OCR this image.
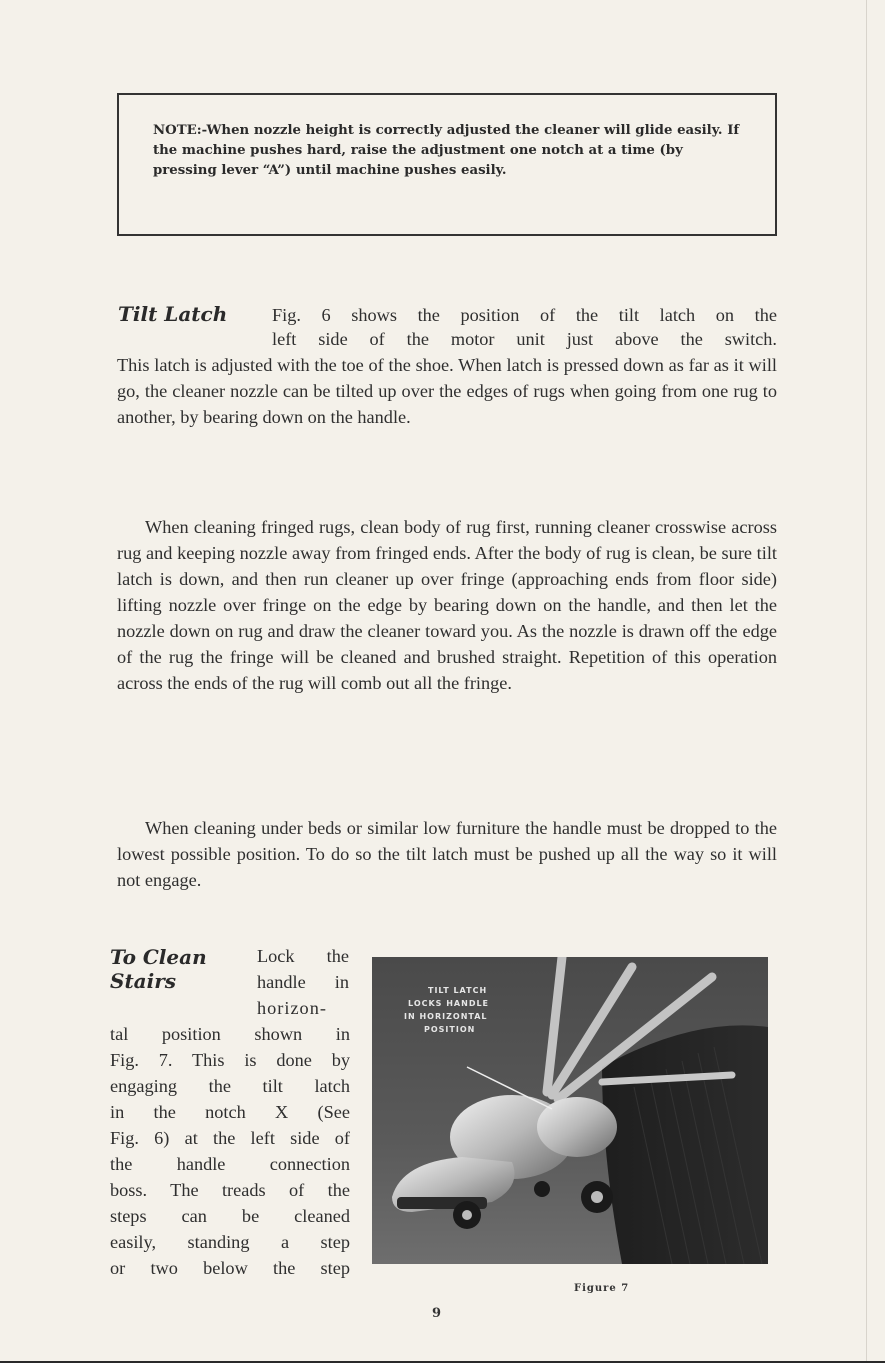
NOTE:-When nozzle height is correctly adjusted the cleaner will glide easily. If the machine pushes hard, raise the adjustment one notch at a time (by pressing lever “A”) until machine pushes easily.
Tilt Latch Fig. 6 shows the position of the tilt latch on the
left side of the motor unit just above the switch.
This latch is adjusted with the toe of the shoe. When latch is pressed down as far as it will go, the cleaner nozzle can be tilted up over the edges of rugs when going from one rug to another, by bearing down on the handle.
When cleaning fringed rugs, clean body of rug first, running cleaner crosswise across rug and keeping nozzle away from fringed ends. After the body of rug is clean, be sure tilt latch is down, and then run cleaner up over fringe (approaching ends from floor side) lifting nozzle over fringe on the edge by bearing down on the handle, and then let the nozzle down on rug and draw the cleaner toward you. As the nozzle is drawn off the edge of the rug the fringe will be cleaned and brushed straight. Repetition of this operation across the ends of the rug will comb out all the fringe.
When cleaning under beds or similar low furniture the handle must be dropped to the lowest possible position. To do so the tilt latch must be pushed up all the way so it will not engage.
To Clean
Stairs
Lock the
handle in
horizon-
tal position shown in
Fig. 7. This is done by
engaging the tilt latch
in the notch X (See
Fig. 6) at the left side of
the handle connection
boss. The treads of the
steps can be cleaned
easily, standing a step
or two below the step
TILT LATCH
LOCKS HANDLE
IN HORIZONTAL
POSITION
Figure 7
9
